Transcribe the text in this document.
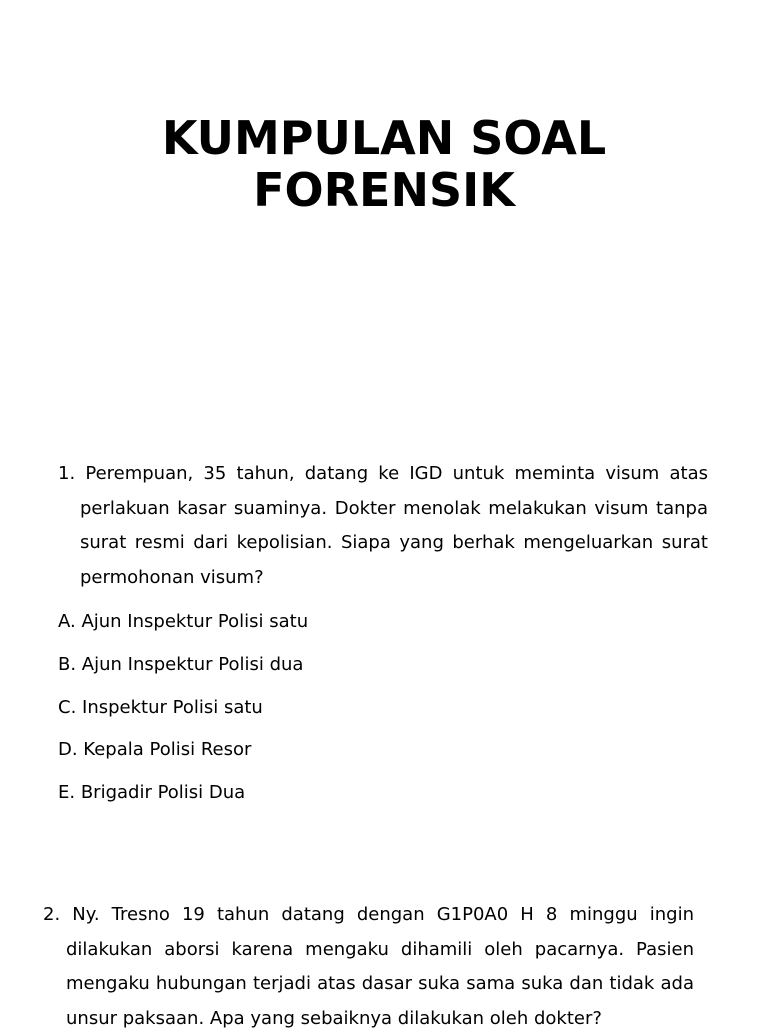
KUMPULAN SOAL
FORENSIK

1. Perempuan, 35 tahun, datang ke IGD untuk meminta visum atas perlakuan kasar suaminya. Dokter menolak melakukan visum tanpa surat resmi dari kepolisian. Siapa yang berhak mengeluarkan surat permohonan visum?

A. Ajun Inspektur Polisi satu
B. Ajun Inspektur Polisi dua
C. Inspektur Polisi satu
D. Kepala Polisi Resor
E. Brigadir Polisi Dua

2. Ny. Tresno 19 tahun datang dengan G1P0A0 H 8 minggu ingin dilakukan aborsi karena mengaku dihamili oleh pacarnya. Pasien mengaku hubungan terjadi atas dasar suka sama suka dan tidak ada unsur paksaan. Apa yang sebaiknya dilakukan oleh dokter?
